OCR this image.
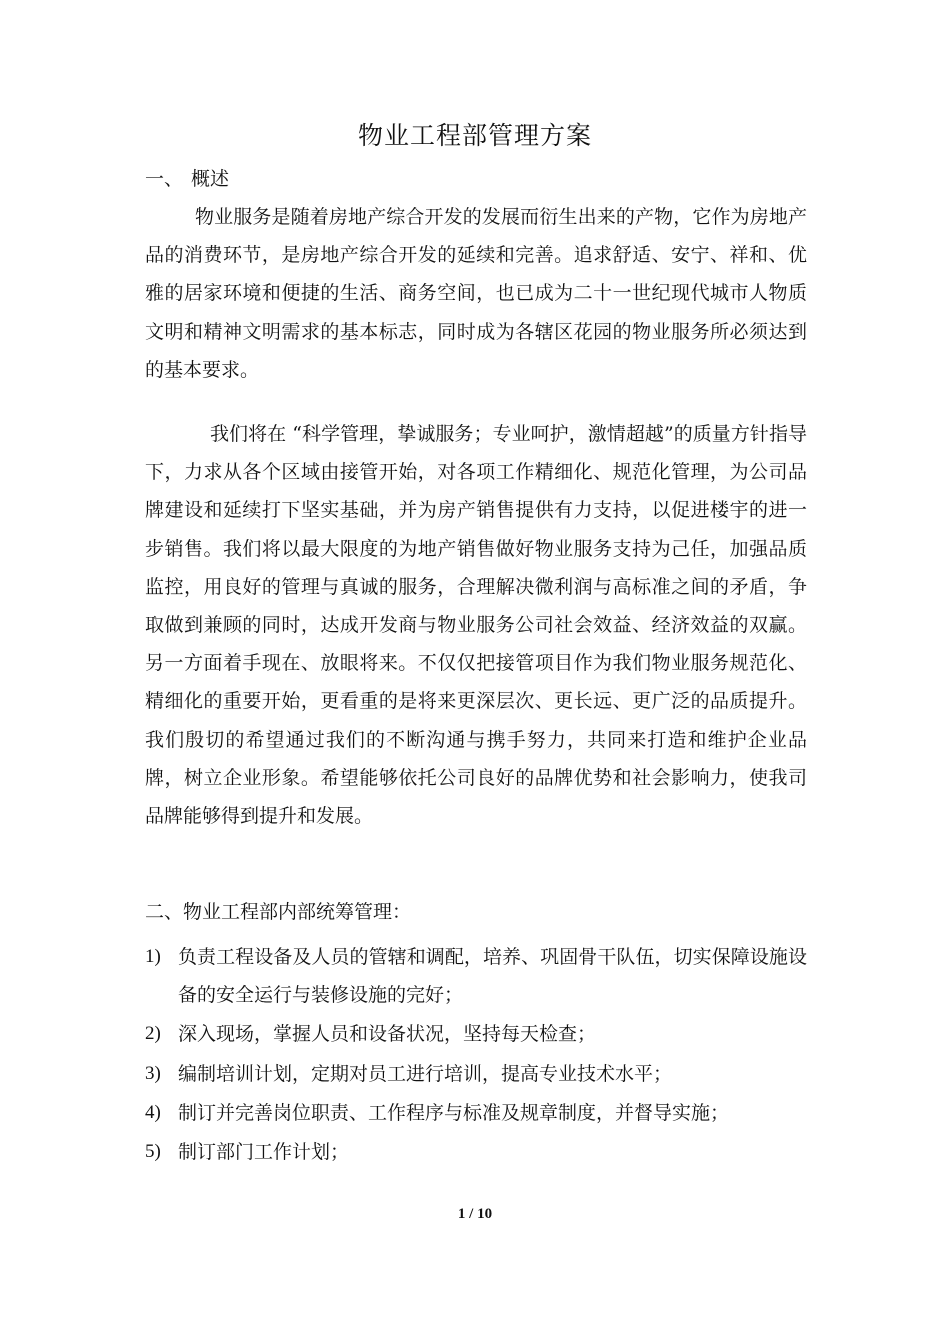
物业工程部管理方案
一、 概述
物业服务是随着房地产综合开发的发展而衍生出来的产物，它作为房地产品的消费环节，是房地产综合开发的延续和完善。追求舒适、安宁、祥和、优雅的居家环境和便捷的生活、商务空间，也已成为二十一世纪现代城市人物质文明和精神文明需求的基本标志，同时成为各辖区花园的物业服务所必须达到的基本要求。
我们将在 “科学管理，挚诚服务；专业呵护，激情超越”的质量方针指导下，力求从各个区域由接管开始，对各项工作精细化、规范化管理，为公司品牌建设和延续打下坚实基础，并为房产销售提供有力支持，以促进楼宇的进一步销售。我们将以最大限度的为地产销售做好物业服务支持为己任，加强品质监控，用良好的管理与真诚的服务，合理解决微利润与高标准之间的矛盾，争取做到兼顾的同时，达成开发商与物业服务公司社会效益、经济效益的双赢。另一方面着手现在、放眼将来。不仅仅把接管项目作为我们物业服务规范化、精细化的重要开始，更看重的是将来更深层次、更长远、更广泛的品质提升。我们殷切的希望通过我们的不断沟通与携手努力，共同来打造和维护企业品牌，树立企业形象。希望能够依托公司良好的品牌优势和社会影响力，使我司品牌能够得到提升和发展。
二、物业工程部内部统筹管理：
1) 负责工程设备及人员的管辖和调配，培养、巩固骨干队伍，切实保障设施设备的安全运行与装修设施的完好；
2) 深入现场，掌握人员和设备状况，坚持每天检查；
3) 编制培训计划，定期对员工进行培训，提高专业技术水平；
4) 制订并完善岗位职责、工作程序与标准及规章制度，并督导实施；
5) 制订部门工作计划；
1 / 10
